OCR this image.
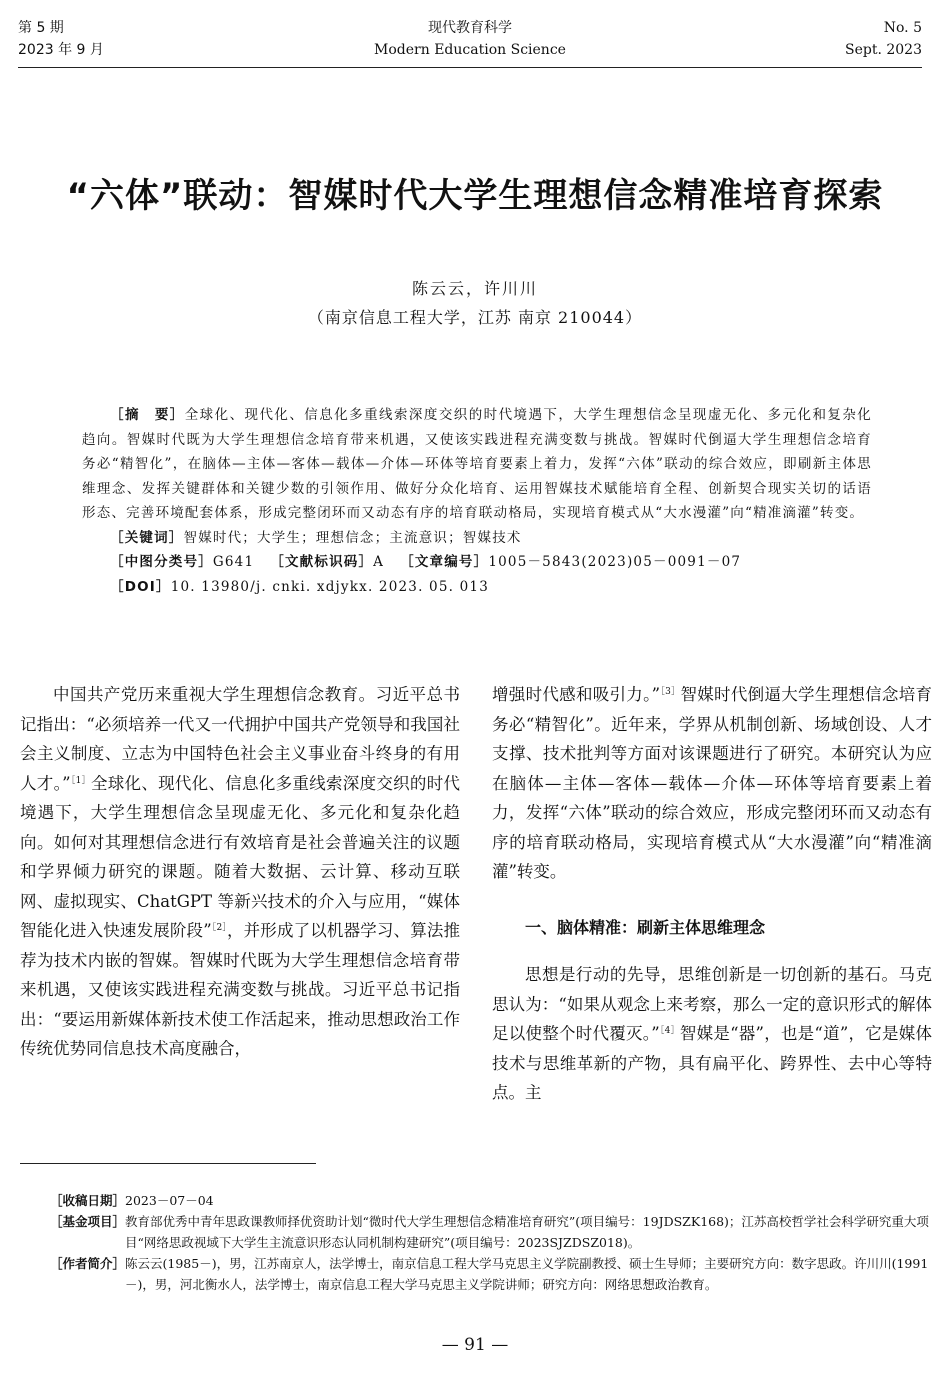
第 5 期
2023 年 9 月
现代教育科学
Modern Education Science
No. 5
Sept. 2023
“六体”联动：智媒时代大学生理想信念精准培育探索
陈云云，许川川
（南京信息工程大学，江苏 南京 210044）

［摘　要］全球化、现代化、信息化多重线索深度交织的时代境遇下，大学生理想信念呈现虚无化、多元化和复杂化趋向。智媒时代既为大学生理想信念培育带来机遇，又使该实践进程充满变数与挑战。智媒时代倒逼大学生理想信念培育务必“精智化”，在脑体—主体—客体—载体—介体—环体等培育要素上着力，发挥“六体”联动的综合效应，即刷新主体思维理念、发挥关键群体和关键少数的引领作用、做好分众化培育、运用智媒技术赋能培育全程、创新契合现实关切的话语形态、完善环境配套体系，形成完整闭环而又动态有序的培育联动格局，实现培育模式从“大水漫灌”向“精准滴灌”转变。

［关键词］智媒时代；大学生；理想信念；主流意识；智媒技术

［中图分类号］G641 ［文献标识码］A ［文章编号］1005－5843(2023)05－0091－07

［DOI］10. 13980/j. cnki. xdjykx. 2023. 05. 013

中国共产党历来重视大学生理想信念教育。习近平总书记指出：“必须培养一代又一代拥护中国共产党领导和我国社会主义制度、立志为中国特色社会主义事业奋斗终身的有用人才。”$^{[1]}$全球化、现代化、信息化多重线索深度交织的时代境遇下，大学生理想信念呈现虚无化、多元化和复杂化趋向。如何对其理想信念进行有效培育是社会普遍关注的议题和学界倾力研究的课题。随着大数据、云计算、移动互联网、虚拟现实、ChatGPT 等新兴技术的介入与应用，“媒体智能化进入快速发展阶段”$^{[2]}$，并形成了以机器学习、算法推荐为技术内嵌的智媒。智媒时代既为大学生理想信念培育带来机遇，又使该实践进程充满变数与挑战。习近平总书记指出：“要运用新媒体新技术使工作活起来，推动思想政治工作传统优势同信息技术高度融合，

增强时代感和吸引力。”$^{[3]}$智媒时代倒逼大学生理想信念培育务必“精智化”。近年来，学界从机制创新、场域创设、人才支撑、技术批判等方面对该课题进行了研究。本研究认为应在脑体—主体—客体—载体—介体—环体等培育要素上着力，发挥“六体”联动的综合效应，形成完整闭环而又动态有序的培育联动格局，实现培育模式从“大水漫灌”向“精准滴灌”转变。

一、脑体精准：刷新主体思维理念

思想是行动的先导，思维创新是一切创新的基石。马克思认为：“如果从观念上来考察，那么一定的意识形式的解体足以使整个时代覆灭。”$^{[4]}$智媒是“器”，也是“道”，它是媒体技术与思维革新的产物，具有扁平化、跨界性、去中心等特点。主

［收稿日期］ 2023－07－04
［基金项目］ 教育部优秀中青年思政课教师择优资助计划“微时代大学生理想信念精准培育研究”(项目编号：19JDSZK168)；江苏高校哲学社会科学研究重大项目“网络思政视域下大学生主流意识形态认同机制构建研究”(项目编号：2023SJZDSZ018)。
［作者简介］ 陈云云(1985－)，男，江苏南京人，法学博士，南京信息工程大学马克思主义学院副教授、硕士生导师；主要研究方向：数字思政。许川川(1991－)，男，河北衡水人，法学博士，南京信息工程大学马克思主义学院讲师；研究方向：网络思想政治教育。
— 91 —
